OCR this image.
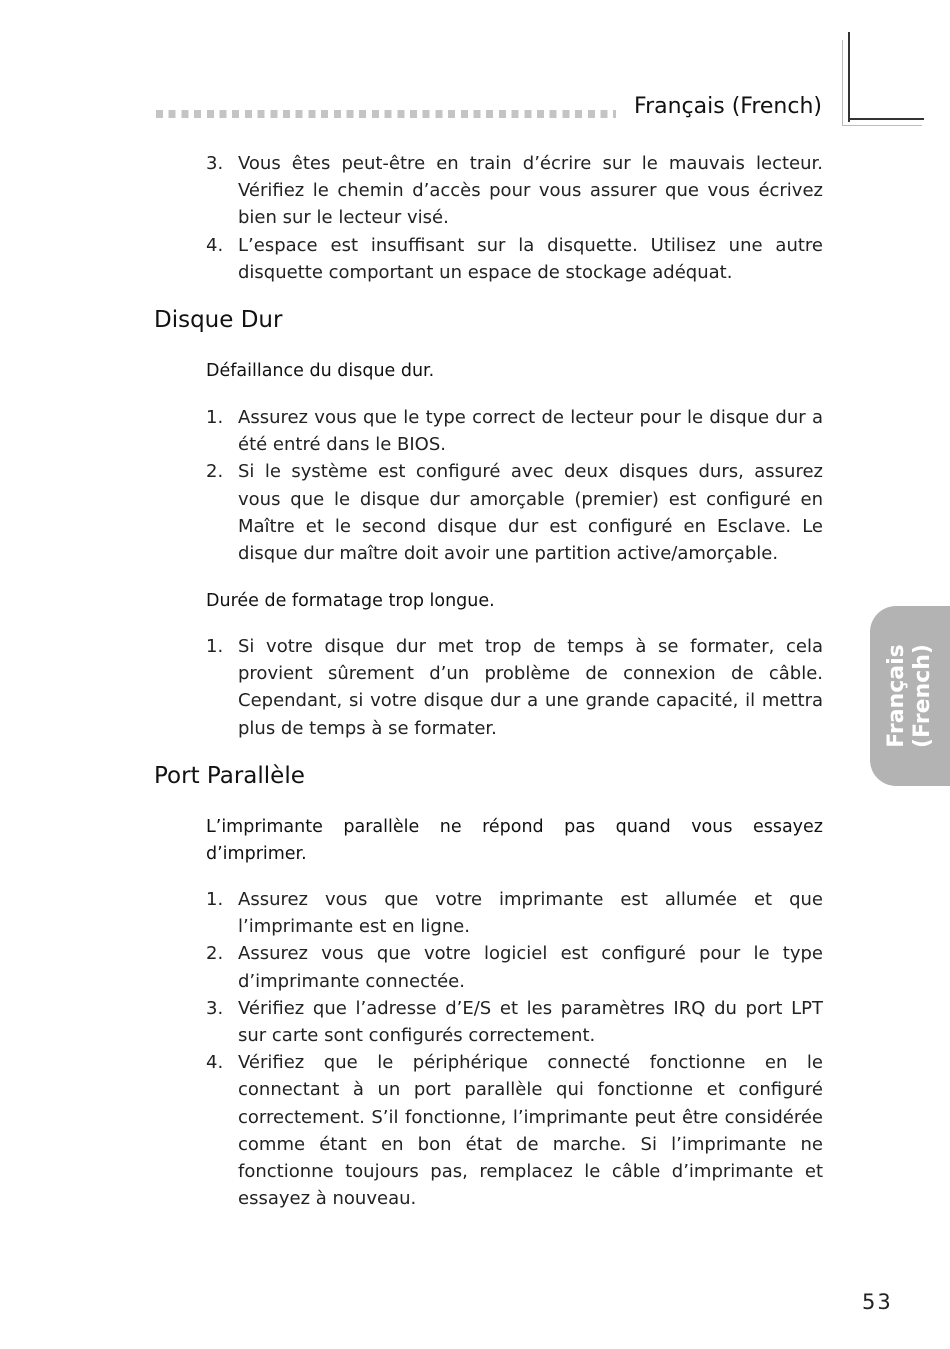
Français (French)
Français (French)
3. Vous êtes peut-être en train d’écrire sur le mauvais lecteur. Vérifiez le chemin d’accès pour vous assurer que vous écrivez bien sur le lecteur visé.
4. L’espace est insuffisant sur la disquette. Utilisez une autre disquette comportant un espace de stockage adéquat.
Disque Dur
Défaillance du disque dur.
1. Assurez vous que le type correct de lecteur pour le disque dur a été entré dans le BIOS.
2. Si le système est configuré avec deux disques durs, assurez vous que le disque dur amorçable (premier) est configuré en Maître et le second disque dur est configuré en Esclave. Le disque dur maître doit avoir une partition active/amorçable.
Durée de formatage trop longue.
1. Si votre disque dur met trop de temps à se formater, cela provient sûrement d’un problème de connexion de câble. Cependant, si votre disque dur a une grande capacité, il mettra plus de temps à se formater.
Port Parallèle
L’imprimante parallèle ne répond pas quand vous essayez d’imprimer.
1. Assurez vous que votre imprimante est allumée et que l’imprimante est en ligne.
2. Assurez vous que votre logiciel est configuré pour le type d’imprimante connectée.
3. Vérifiez que l’adresse d’E/S et les paramètres IRQ du port LPT sur carte sont configurés correctement.
4. Vérifiez que le périphérique connecté fonctionne en le connectant à un port parallèle qui fonctionne et configuré correctement. S’il fonctionne, l’imprimante peut être considérée comme étant en bon état de marche. Si l’imprimante ne fonctionne toujours pas, remplacez le câble d’imprimante et essayez à nouveau.
53
